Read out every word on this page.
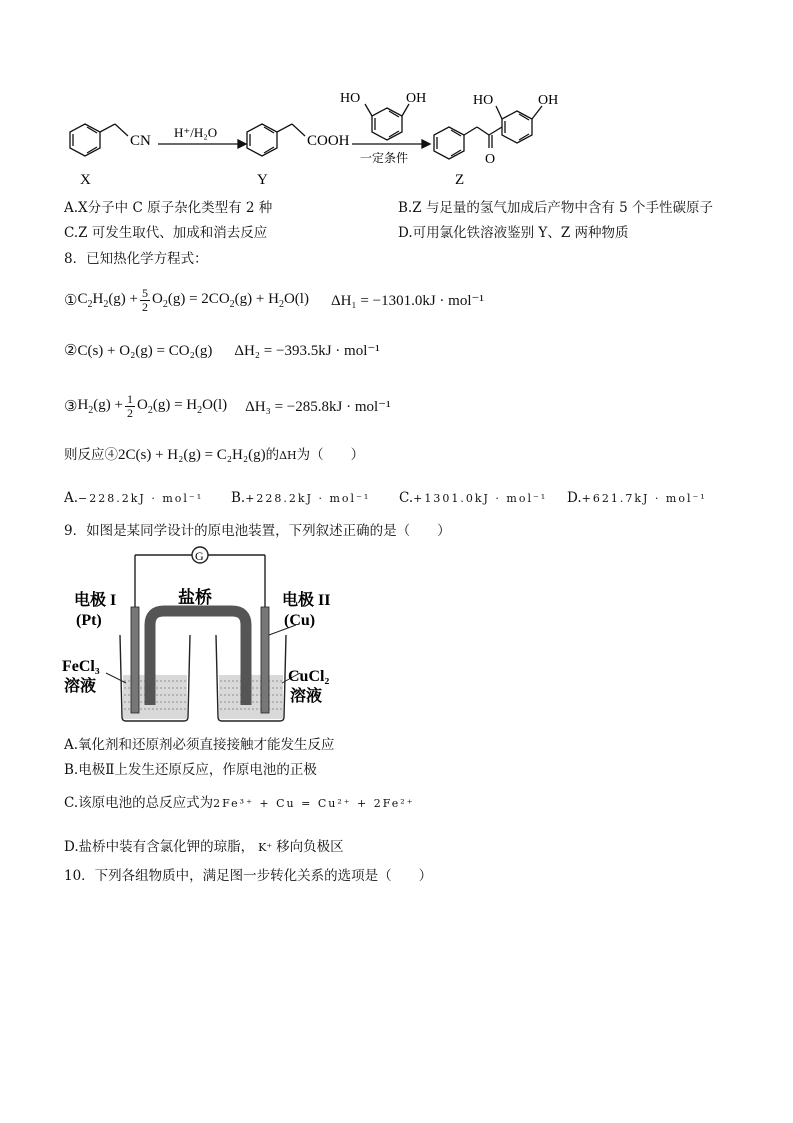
CN
H⁺/H₂O
COOH
HO	OH
一定条件
HO	OH
O
X	Y	Z
A.X分子中 C 原子杂化类型有 2 种	B.Z 与足量的氢气加成后产物中含有 5 个手性碳原子
C.Z 可发生取代、加成和消去反应	D.可用氯化铁溶液鉴别 Y、Z 两种物质
8．已知热化学方程式：
① $C_2H_2(g) + \frac{5}{2} O_2(g) = 2CO_2(g) + H_2O(l) \Delta H_1 = -1301.0kJ \cdot mol^{-1}$
②C(s) + O₂(g) = CO₂(g) ΔH₂ = −393.5kJ · mol⁻¹
③ $H_2(g) + \frac{1}{2} O_2(g) = H_2O(l) \Delta H_3 = -285.8kJ \cdot mol^{-1}$
则反应④2C(s) + H₂(g) = C₂H₂(g)的ΔH为（　　）
A.−228.2kJ · mol⁻¹ B.+228.2kJ · mol⁻¹ C.+1301.0kJ · mol⁻¹ D.+621.7kJ · mol⁻¹
9．如图是某同学设计的原电池装置，下列叙述正确的是（　　）
G
盐桥
电极 I
(Pt)
电极 II
(Cu)
FeCl₃
溶液
CuCl₂
溶液
A.氧化剂和还原剂必须直接接触才能发生反应
B.电极Ⅱ上发生还原反应，作原电池的正极
C.该原电池的总反应式为2Fe³⁺ + Cu = Cu²⁺ + 2Fe²⁺
D.盐桥中装有含氯化钾的琼脂， K⁺ 移向负极区
10．下列各组物质中，满足图一步转化关系的选项是（　　）
